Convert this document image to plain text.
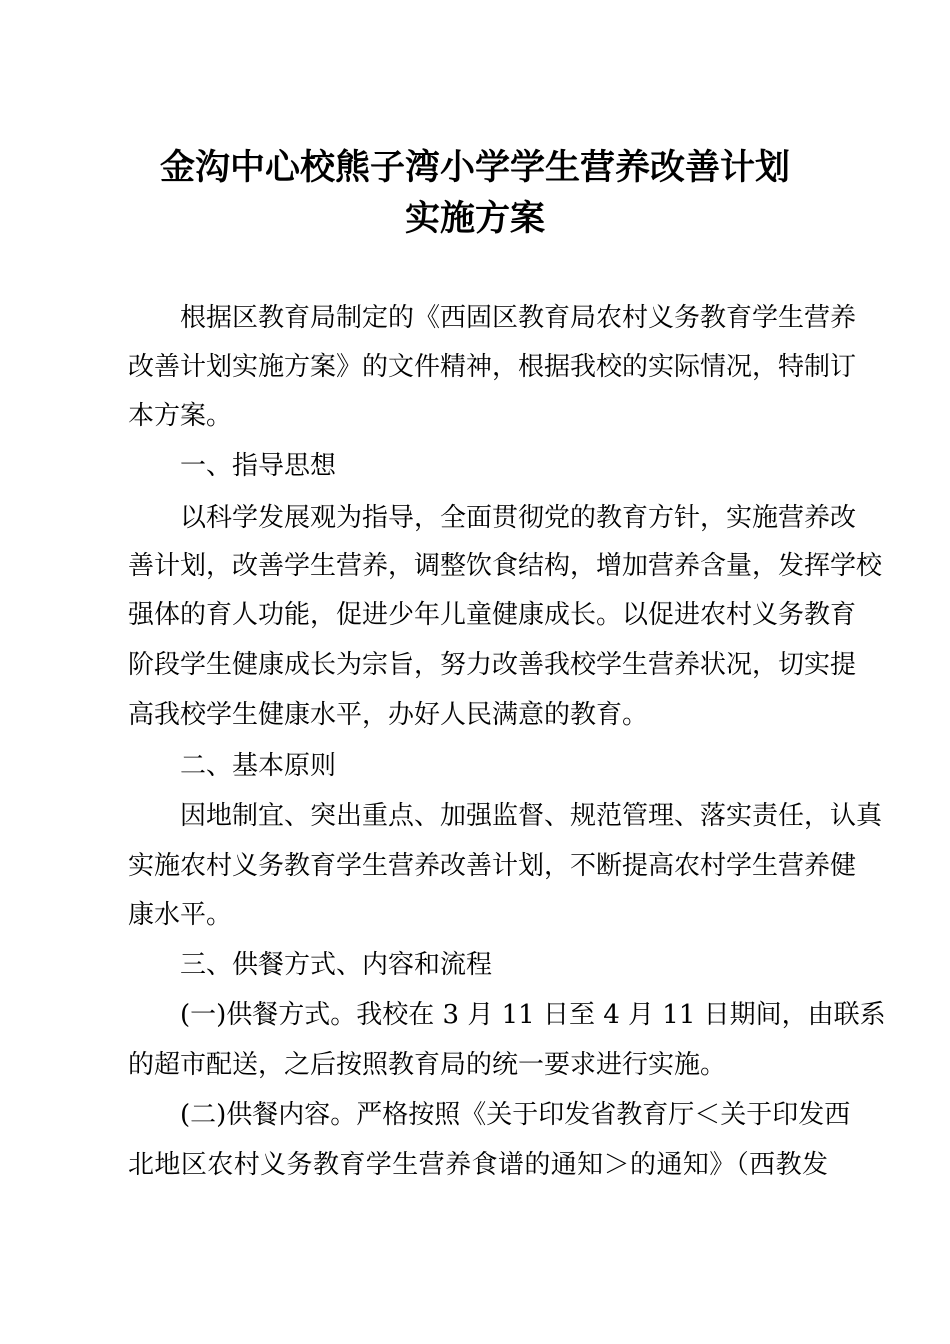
金沟中心校熊子湾小学学生营养改善计划
实施方案
根据区教育局制定的《西固区教育局农村义务教育学生营养
改善计划实施方案》的文件精神，根据我校的实际情况，特制订
本方案。
一、指导思想
以科学发展观为指导，全面贯彻党的教育方针，实施营养改
善计划，改善学生营养，调整饮食结构，增加营养含量，发挥学校
强体的育人功能，促进少年儿童健康成长。以促进农村义务教育
阶段学生健康成长为宗旨，努力改善我校学生营养状况，切实提
高我校学生健康水平，办好人民满意的教育。
二、基本原则
因地制宜、突出重点、加强监督、规范管理、落实责任，认真
实施农村义务教育学生营养改善计划，不断提高农村学生营养健
康水平。
三、供餐方式、内容和流程
(一)供餐方式。我校在 3 月 11 日至 4 月 11 日期间，由联系
的超市配送，之后按照教育局的统一要求进行实施。
(二)供餐内容。严格按照《关于印发省教育厅＜关于印发西
北地区农村义务教育学生营养食谱的通知＞的通知》（西教发
